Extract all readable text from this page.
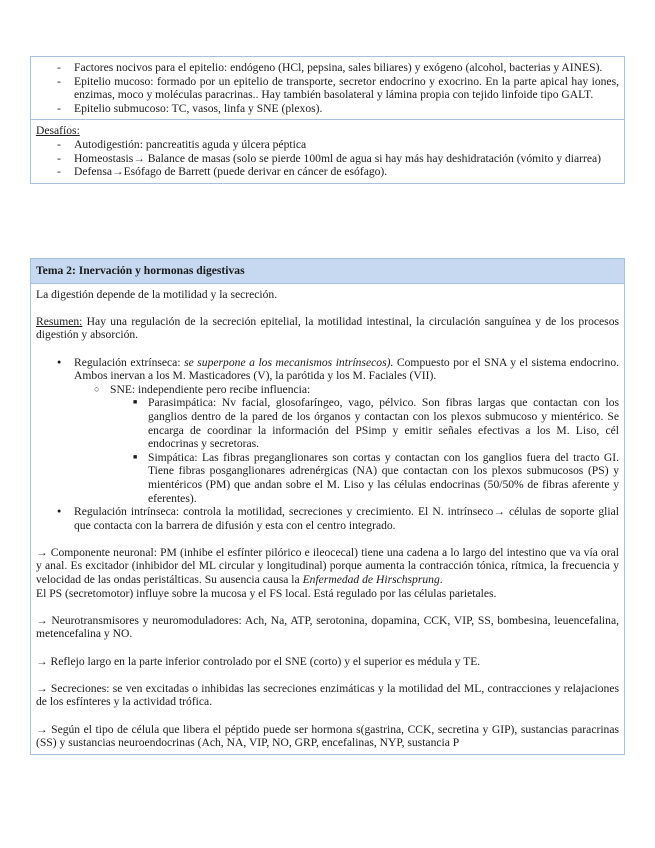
- Factores nocivos para el epitelio: endógeno (HCl, pepsina, sales biliares) y exógeno (alcohol, bacterias y AINES).
- Epitelio mucoso: formado por un epitelio de transporte, secretor endocrino y exocrino. En la parte apical hay iones, enzimas, moco y moléculas paracrinas.. Hay también basolateral y lámina propia con tejido linfoide tipo GALT.
- Epitelio submucoso: TC, vasos, linfa y SNE (plexos).

Desafíos:

- Autodigestión: pancreatitis aguda y úlcera péptica
- Homeostasis→ Balance de masas (solo se pierde 100ml de agua si hay más hay deshidratación (vómito y diarrea)
- Defensa→Esófago de Barrett (puede derivar en cáncer de esófago).
Tema 2: Inervación y hormonas digestivas

La digestión depende de la motilidad y la secreción.

Resumen: Hay una regulación de la secreción epitelial, la motilidad intestinal, la circulación sanguínea y de los procesos digestión y absorción.

● Regulación extrínseca: se superpone a los mecanismos intrínsecos). Compuesto por el SNA y el sistema endocrino. Ambos inervan a los M. Masticadores (V), la parótida y los M. Faciales (VII).
○ SNE: independiente pero recibe influencia:
■ Parasimpática: Nv facial, glosofaríngeo, vago, pélvico. Son fibras largas que contactan con los ganglios dentro de la pared de los órganos y contactan con los plexos submucoso y mientérico. Se encarga de coordinar la información del PSimp y emitir señales efectivas a los M. Liso, cél endocrinas y secretoras.
■ Simpática: Las fibras preganglionares son cortas y contactan con los ganglios fuera del tracto GI. Tiene fibras posganglionares adrenérgicas (NA) que contactan con los plexos submucosos (PS) y mientéricos (PM) que andan sobre el M. Liso y las células endocrinas (50/50% de fibras aferente y eferentes).
● Regulación intrínseca: controla la motilidad, secreciones y crecimiento. El N. intrínseco→ células de soporte glial que contacta con la barrera de difusión y esta con el centro integrado.

→ Componente neuronal: PM (inhibe el esfínter pilórico e ileocecal) tiene una cadena a lo largo del intestino que va vía oral y anal. Es excitador (inhibidor del ML circular y longitudinal) porque aumenta la contracción tónica, rítmica, la frecuencia y velocidad de las ondas peristálticas. Su ausencia causa la Enfermedad de Hirschsprung.

El PS (secretomotor) influye sobre la mucosa y el FS local. Está regulado por las células parietales.

→ Neurotransmisores y neuromoduladores: Ach, Na, ATP, serotonina, dopamina, CCK, VIP, SS, bombesina, leuencefalina, metencefalina y NO.

→ Reflejo largo en la parte inferior controlado por el SNE (corto) y el superior es médula y TE.

→ Secreciones: se ven excitadas o inhibidas las secreciones enzimáticas y la motilidad del ML, contracciones y relajaciones de los esfínteres y la actividad trófica.

→ Según el tipo de célula que libera el péptido puede ser hormona s(gastrina, CCK, secretina y GIP), sustancias paracrinas (SS) y sustancias neuroendocrinas (Ach, NA, VIP, NO, GRP, encefalinas, NYP, sustancia P
